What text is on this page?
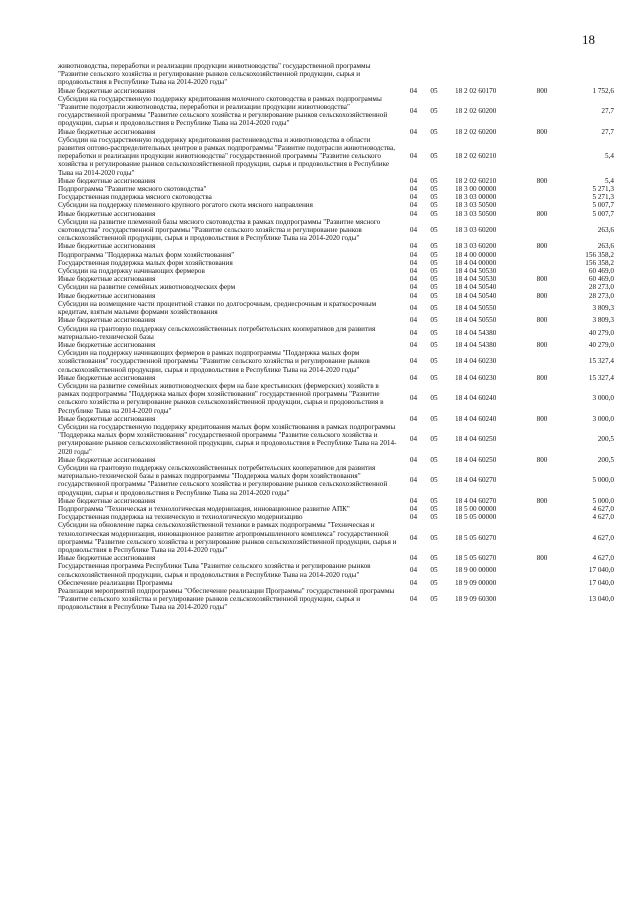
18
животноводства, переработки и реализации продукции животноводства" государственной программы "Развитие сельского хозяйства и регулирование рынков сельскохозяйственной продукции, сырья и продовольствия в Республике Тыва на 2014-2020 годы"					
Иные бюджетные ассигнования	04	05	18 2 02 60170	800	1 752,6
Субсидии на государственную поддержку кредитования молочного скотоводства в рамках подпрограммы "Развитие подотрасли животноводства, переработки и реализации продукции животноводства" государственной программы "Развитие сельского хозяйства и регулирование рынков сельскохозяйственной продукции, сырья и продовольствия в Республике Тыва на 2014-2020 годы"	04	05	18 2 02 60200		27,7
Иные бюджетные ассигнования	04	05	18 2 02 60200	800	27,7
Субсидии на государственную поддержку кредитования растениеводства и животноводства в области развития оптово-распределительных центров в рамках подпрограммы "Развитие подотрасли животноводства, переработки и реализации продукции животноводства" государственной программы "Развитие сельского хозяйства и регулирование рынков сельскохозяйственной продукции, сырья и продовольствия в Республике Тыва на 2014-2020 годы"	04	05	18 2 02 60210		5,4
Иные бюджетные ассигнования	04	05	18 2 02 60210	800	5,4
Подпрограмма "Развитие мясного скотоводства"	04	05	18 3 00 00000		5 271,3
Государственная поддержка мясного скотоводства	04	05	18 3 03 00000		5 271,3
Субсидии на поддержку племенного крупного рогатого скота мясного направления	04	05	18 3 03 50500		5 007,7
Иные бюджетные ассигнования	04	05	18 3 03 50500	800	5 007,7
Субсидии на развитие племенной базы мясного скотоводства в рамках подпрограммы "Развитие мясного скотоводства" государственной программы "Развитие сельского хозяйства и регулирование рынков сельскохозяйственной продукции, сырья и продовольствия в Республике Тыва на 2014-2020 годы"	04	05	18 3 03 60200		263,6
Иные бюджетные ассигнования	04	05	18 3 03 60200	800	263,6
Подпрограмма "Поддержка малых форм хозяйствования"	04	05	18 4 00 00000		156 358,2
Государственная поддержка малых форм хозяйствования	04	05	18 4 04 00000		156 358,2
Субсидии на поддержку начинающих фермеров	04	05	18 4 04 50530		60 469,0
Иные бюджетные ассигнования	04	05	18 4 04 50530	800	60 469,0
Субсидии на развитие семейных животноводческих ферм	04	05	18 4 04 50540		28 273,0
Иные бюджетные ассигнования	04	05	18 4 04 50540	800	28 273,0
Субсидии на возмещение части процентной ставки по долгосрочным, среднесрочным и краткосрочным кредитам, взятым малыми формами хозяйствования	04	05	18 4 04 50550		3 809,3
Иные бюджетные ассигнования	04	05	18 4 04 50550	800	3 809,3
Субсидии на грантовую поддержку сельскохозяйственных потребительских кооперативов для развития материально-технической базы	04	05	18 4 04 54380		40 279,0
Иные бюджетные ассигнования	04	05	18 4 04 54380	800	40 279,0
Субсидии на поддержку начинающих фермеров в рамках подпрограммы "Поддержка малых форм хозяйствования" государственной программы "Развитие сельского хозяйства и регулирование рынков сельскохозяйственной продукции, сырья и продовольствия в Республике Тыва на 2014-2020 годы"	04	05	18 4 04 60230		15 327,4
Иные бюджетные ассигнования	04	05	18 4 04 60230	800	15 327,4
Субсидии на развитие семейных животноводческих ферм на базе крестьянских (фермерских) хозяйств в рамках подпрограммы "Поддержка малых форм хозяйствования" государственной программы "Развитие сельского хозяйства и регулирование рынков сельскохозяйственной продукции, сырья и продовольствия в Республике Тыва на 2014-2020 годы"	04	05	18 4 04 60240		3 000,0
Иные бюджетные ассигнования	04	05	18 4 04 60240	800	3 000,0
Субсидии на государственную поддержку кредитования малых форм хозяйствования в рамках подпрограммы "Поддержка малых форм хозяйствования" государственной программы "Развитие сельского хозяйства и регулирование рынков сельскохозяйственной продукции, сырья и продовольствия в Республике Тыва на 2014-2020 годы"	04	05	18 4 04 60250		200,5
Иные бюджетные ассигнования	04	05	18 4 04 60250	800	200,5
Субсидии на грантовую поддержку сельскохозяйственных потребительских кооперативов для развития материально-технической базы в рамках подпрограммы "Поддержка малых форм хозяйствования" государственной программы "Развитие сельского хозяйства и регулирование рынков сельскохозяйственной продукции, сырья и продовольствия в Республике Тыва на 2014-2020 годы"	04	05	18 4 04 60270		5 000,0
Иные бюджетные ассигнования	04	05	18 4 04 60270	800	5 000,0
Подпрограмма "Техническая и технологическая модернизация, инновационное развитие АПК"	04	05	18 5 00 00000		4 627,0
Государственная поддержка на техническую и технологическую модернизацию	04	05	18 5 05 00000		4 627,0
Субсидии на обновление парка сельскохозяйственной техники в рамках подпрограммы "Техническая и технологическая модернизация, инновационное развитие агропромышленного комплекса" государственной программы "Развитие сельского хозяйства и регулирование рынков сельскохозяйственной продукции, сырья и продовольствия в Республике Тыва на 2014-2020 годы"	04	05	18 5 05 60270		4 627,0
Иные бюджетные ассигнования	04	05	18 5 05 60270	800	4 627,0
Государственная программа Республики Тыва "Развитие сельского хозяйства и регулирование рынков сельскохозяйственной продукции, сырья и продовольствия в Республике Тыва на 2014-2020 годы"	04	05	18 9 00 00000		17 040,0
Обеспечение реализации Программы	04	05	18 9 09 00000		17 040,0
Реализация мероприятий подпрограммы "Обеспечение реализации Программы" государственной программы "Развитие сельского хозяйства и регулирование рынков сельскохозяйственной продукции, сырья и продовольствия в Республике Тыва на 2014-2020 годы"	04	05	18 9 09 60300		13 040,0
